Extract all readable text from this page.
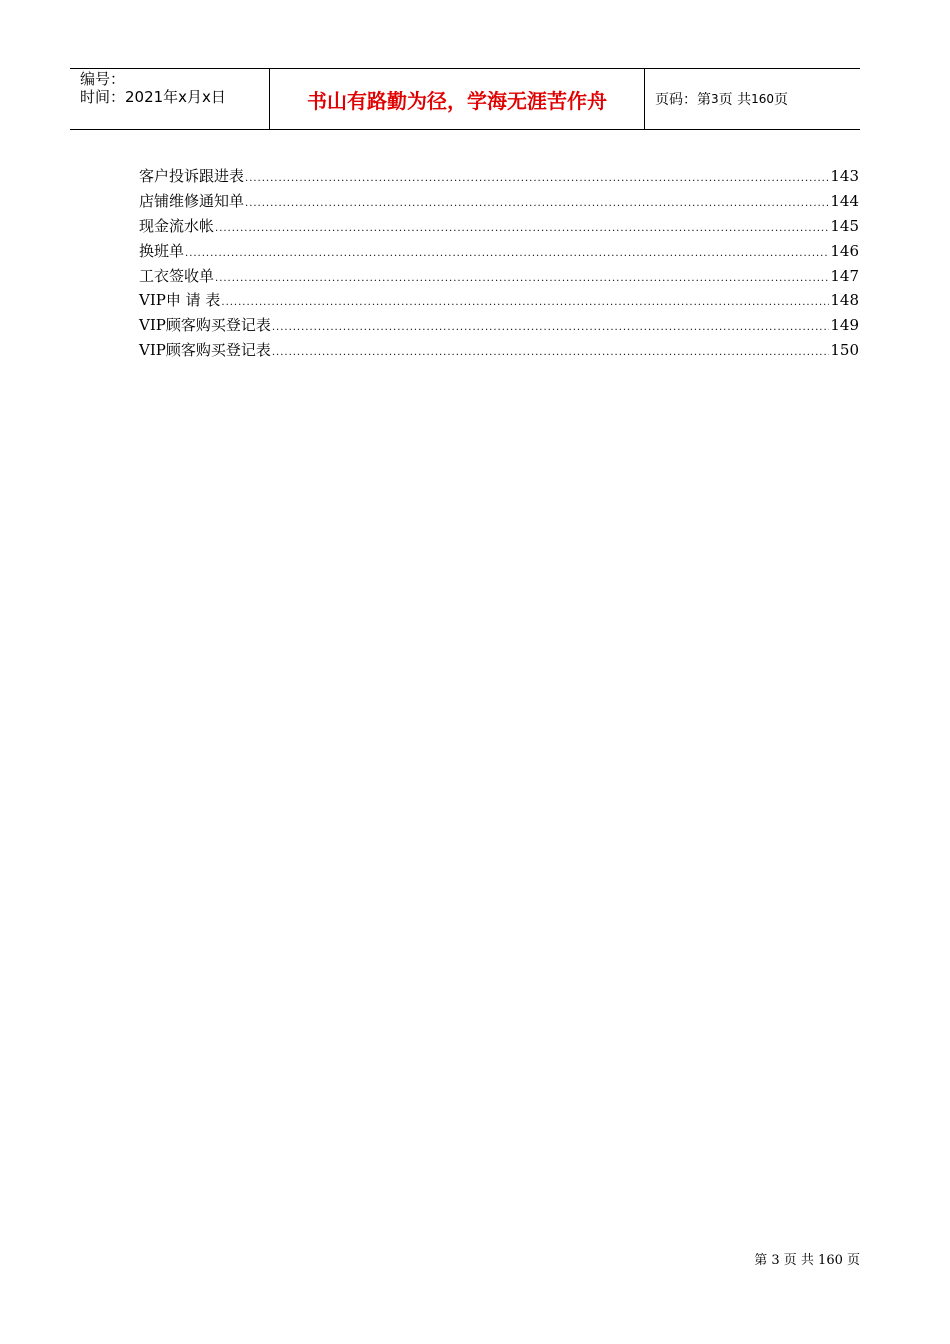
编号：
时间：2021年x月x日	书山有路勤为径，学海无涯苦作舟	页码：第 3 页 共 160 页
客户投诉跟进表 .....	143
店铺维修通知单 .....	144
现金流水帐 .....	145
换班单 .....	146
工衣签收单 .....	147
VIP申 请 表 .....	148
VIP顾客购买登记表 .....	149
VIP顾客购买登记表 .....	150
第 3 页 共 160 页
